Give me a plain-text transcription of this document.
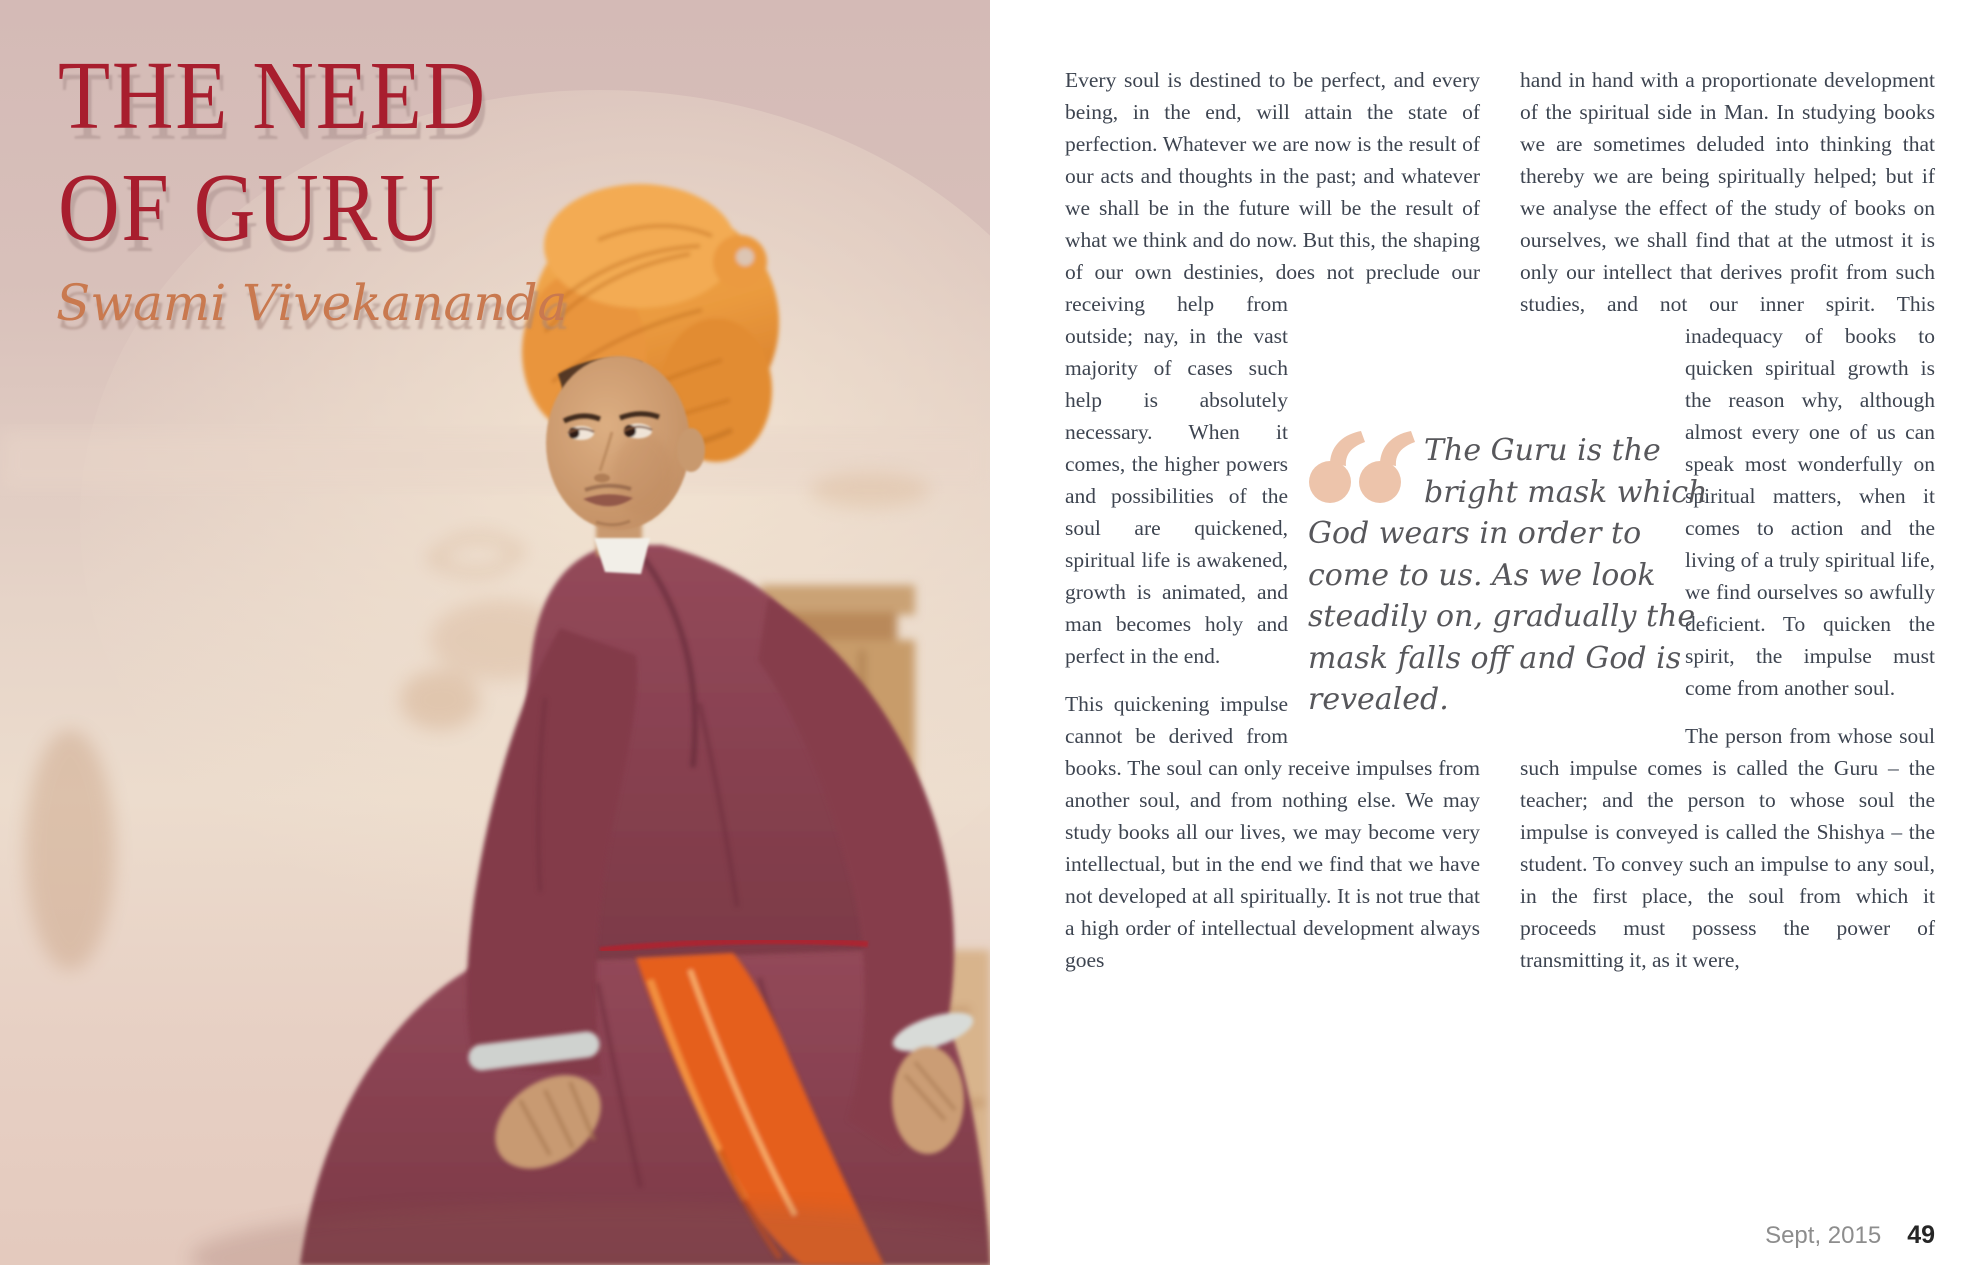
THE NEED
OF GURU

Swami Vivekananda

Every soul is destined to be perfect, and every being, in the end, will attain the state of perfection. Whatever we are now is the result of our acts and thoughts in the past; and whatever we shall be in the future will be the result of what we think and do now. But this, the shaping of our own destinies, does not preclude our receiving help from
outside; nay, in the vast majority of cases such help is absolutely necessary. When it comes, the higher powers and possibilities of the soul are quickened, spiritual life is awakened, growth is animated, and man becomes holy and perfect in the end.

This quickening impulse cannot be derived from books. The soul can only receive impulses from another soul, and from nothing else. We may study books all our lives, we may become very intellectual, but in the end we find that we have not developed at all spiritually. It is not true that a high order of intellectual development always goes

hand in hand with a proportionate development of the spiritual side in Man. In studying books we are sometimes deluded into thinking that thereby we are being spiritually helped; but if we analyse the effect of the study of books on ourselves, we shall find that at the utmost it is only our intellect that derives profit from such studies, and not our inner spirit. This inadequacy of books to
quicken spiritual growth is the reason why, although almost every one of us can speak most wonderfully on spiritual matters, when it comes to action and the living of a truly spiritual life, we find ourselves so awfully deficient. To quicken the spirit, the impulse must come from another soul.

The person from whose soul such impulse comes is called the Guru – the teacher; and the person to whose soul the impulse is conveyed is called the Shishya – the student. To convey such an impulse to any soul, in the first place, the soul from which it proceeds must possess the power of transmitting it, as it were,

The Guru is the bright mask which God wears in order to come to us. As we look steadily on, gradually the mask falls off and God is revealed.
Sept, 2015 49
